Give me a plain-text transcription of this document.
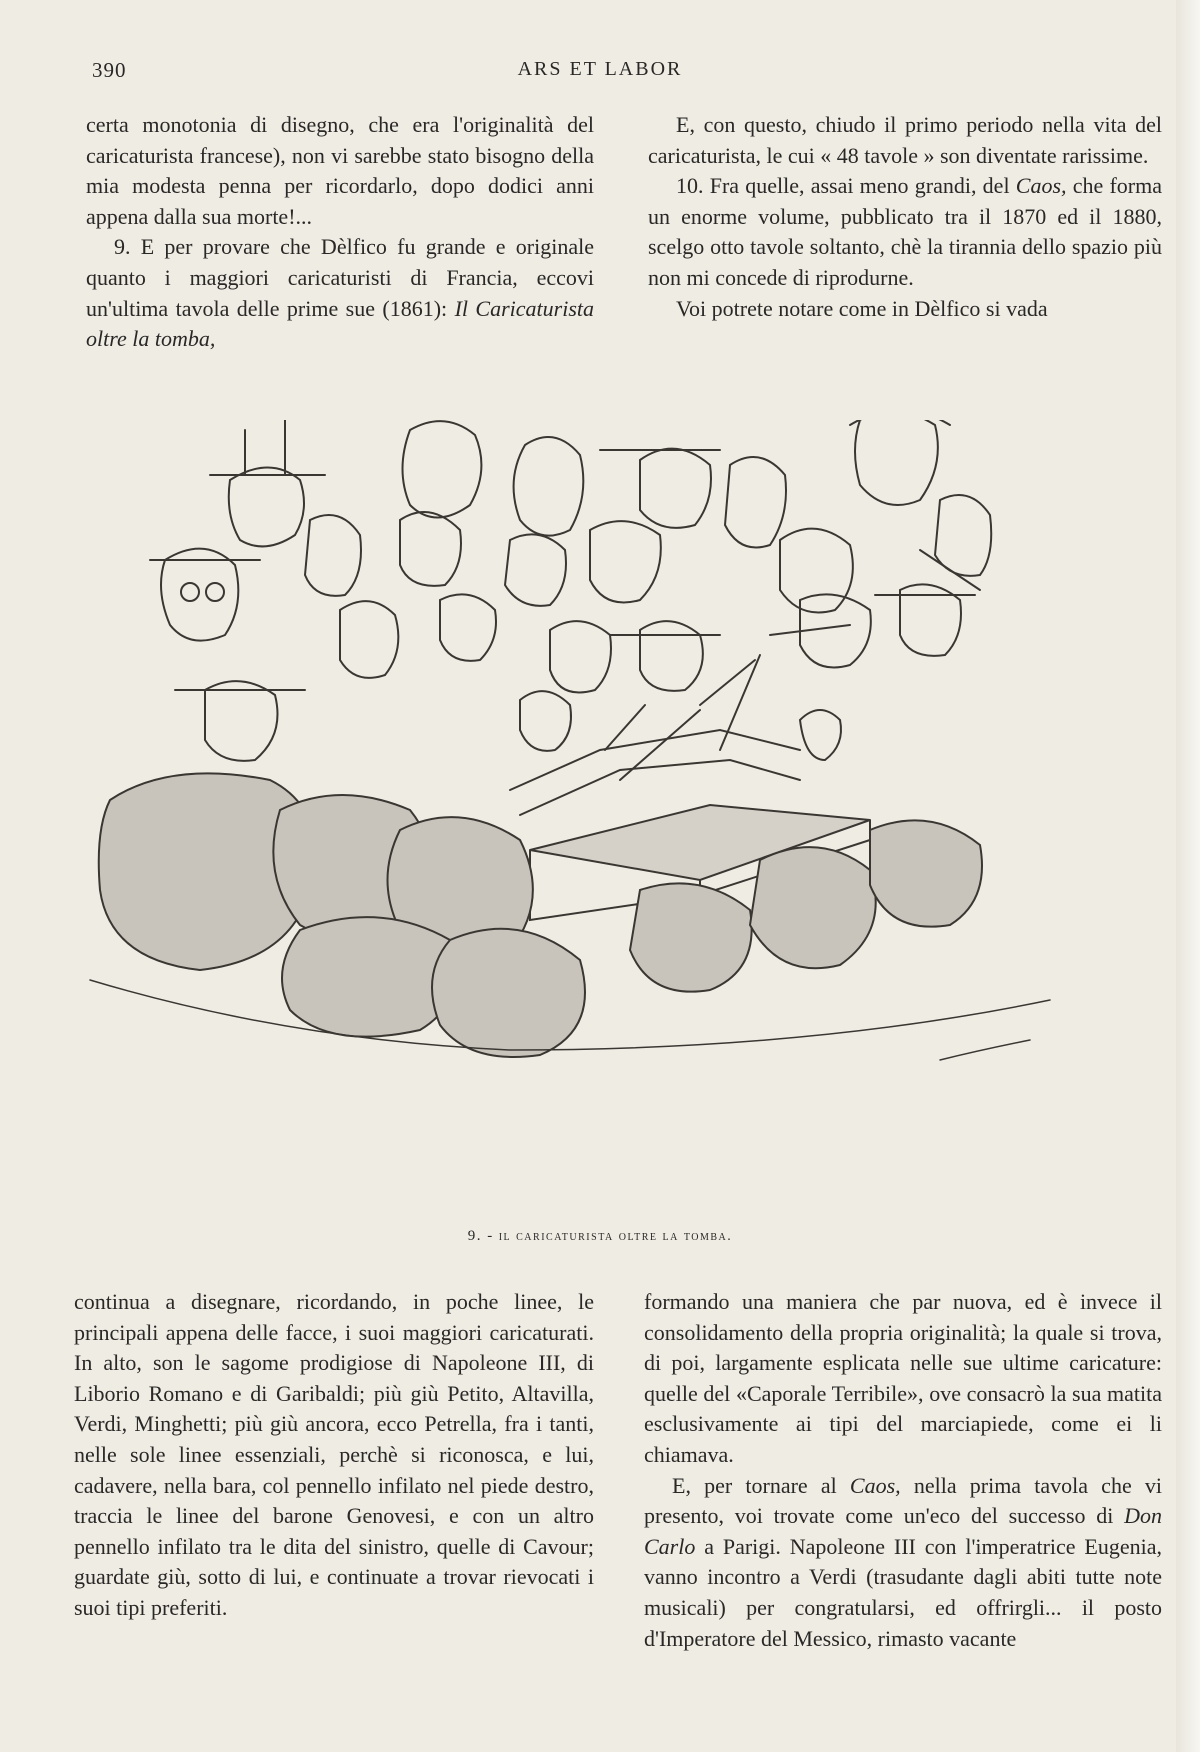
390	ARS ET LABOR

certa monotonia di disegno, che era l'originalità del caricaturista francese), non vi sarebbe stato bisogno della mia modesta penna per ricordarlo, dopo dodici anni appena dalla sua morte!...

9. E per provare che Dèlfico fu grande e originale quanto i maggiori caricaturisti di Francia, eccovi un'ultima tavola delle prime sue (1861): Il Caricaturista oltre la tomba,

E, con questo, chiudo il primo periodo nella vita del caricaturista, le cui « 48 tavole » son diventate rarissime.

10. Fra quelle, assai meno grandi, del Caos, che forma un enorme volume, pubblicato tra il 1870 ed il 1880, scelgo otto tavole soltanto, chè la tirannia dello spazio più non mi concede di riprodurne.

Voi potrete notare come in Dèlfico si vada

9. - il caricaturista oltre la tomba.

continua a disegnare, ricordando, in poche linee, le principali appena delle facce, i suoi maggiori caricaturati. In alto, son le sagome prodigiose di Napoleone III, di Liborio Romano e di Garibaldi; più giù Petito, Altavilla, Verdi, Minghetti; più giù ancora, ecco Petrella, fra i tanti, nelle sole linee essenziali, perchè si riconosca, e lui, cadavere, nella bara, col pennello infilato nel piede destro, traccia le linee del barone Genovesi, e con un altro pennello infilato tra le dita del sinistro, quelle di Cavour; guardate giù, sotto di lui, e continuate a trovar rievocati i suoi tipi preferiti.

formando una maniera che par nuova, ed è invece il consolidamento della propria originalità; la quale si trova, di poi, largamente esplicata nelle sue ultime caricature: quelle del «Caporale Terribile», ove consacrò la sua matita esclusivamente ai tipi del marciapiede, come ei li chiamava.

E, per tornare al Caos, nella prima tavola che vi presento, voi trovate come un'eco del successo di Don Carlo a Parigi. Napoleone III con l'imperatrice Eugenia, vanno incontro a Verdi (trasudante dagli abiti tutte note musicali) per congratularsi, ed offrirgli... il posto d'Imperatore del Messico, rimasto vacante
